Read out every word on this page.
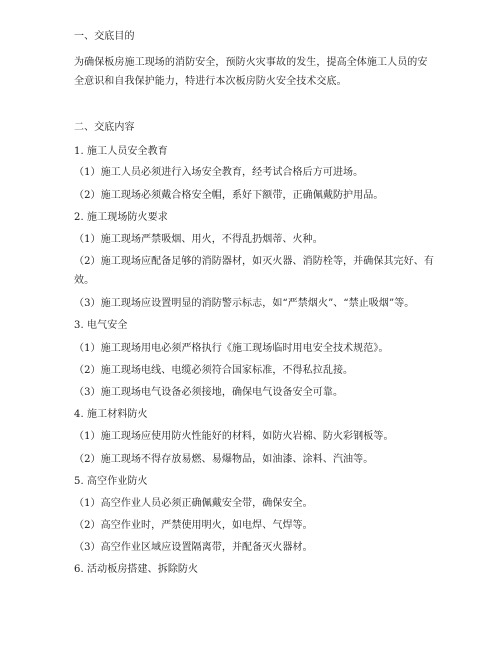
一、交底目的
为确保板房施工现场的消防安全，预防火灾事故的发生，提高全体施工人员的安全意识和自我保护能力，特进行本次板房防火安全技术交底。
二、交底内容
1. 施工人员安全教育
（1）施工人员必须进行入场安全教育，经考试合格后方可进场。
（2）施工现场必须戴合格安全帽，系好下额带，正确佩戴防护用品。
2. 施工现场防火要求
（1）施工现场严禁吸烟、用火，不得乱扔烟蒂、火种。
（2）施工现场应配备足够的消防器材，如灭火器、消防栓等，并确保其完好、有效。
（3）施工现场应设置明显的消防警示标志，如“严禁烟火”、“禁止吸烟”等。
3. 电气安全
（1）施工现场用电必须严格执行《施工现场临时用电安全技术规范》。
（2）施工现场电线、电缆必须符合国家标准，不得私拉乱接。
（3）施工现场电气设备必须接地，确保电气设备安全可靠。
4. 施工材料防火
（1）施工现场应使用防火性能好的材料，如防火岩棉、防火彩钢板等。
（2）施工现场不得存放易燃、易爆物品，如油漆、涂料、汽油等。
5. 高空作业防火
（1）高空作业人员必须正确佩戴安全带，确保安全。
（2）高空作业时，严禁使用明火，如电焊、气焊等。
（3）高空作业区域应设置隔离带，并配备灭火器材。
6. 活动板房搭建、拆除防火
